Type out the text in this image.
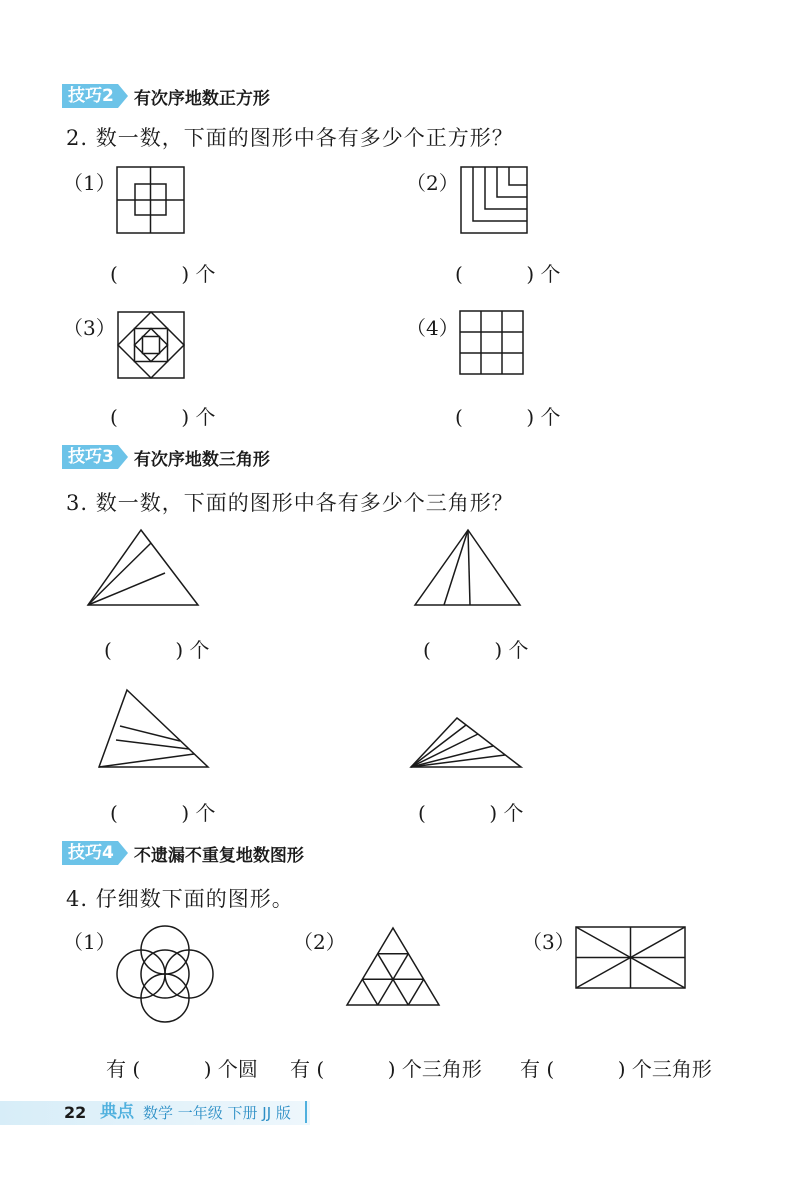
技巧2 有次序地数正方形
2. 数一数，下面的图形中各有多少个正方形？
（1）	（2）
(          ) 个	(          ) 个
（3）	（4）
(          ) 个	(          ) 个
技巧3 有次序地数三角形
3. 数一数，下面的图形中各有多少个三角形？
(          ) 个	(          ) 个
(          ) 个	(          ) 个
技巧4 不遗漏不重复地数图形
4. 仔细数下面的图形。
（1）	（2）	（3）
有 (          ) 个圆 有 (          ) 个三角形 有 (          ) 个三角形
22 典点 数学 一年级 下册 JJ 版
